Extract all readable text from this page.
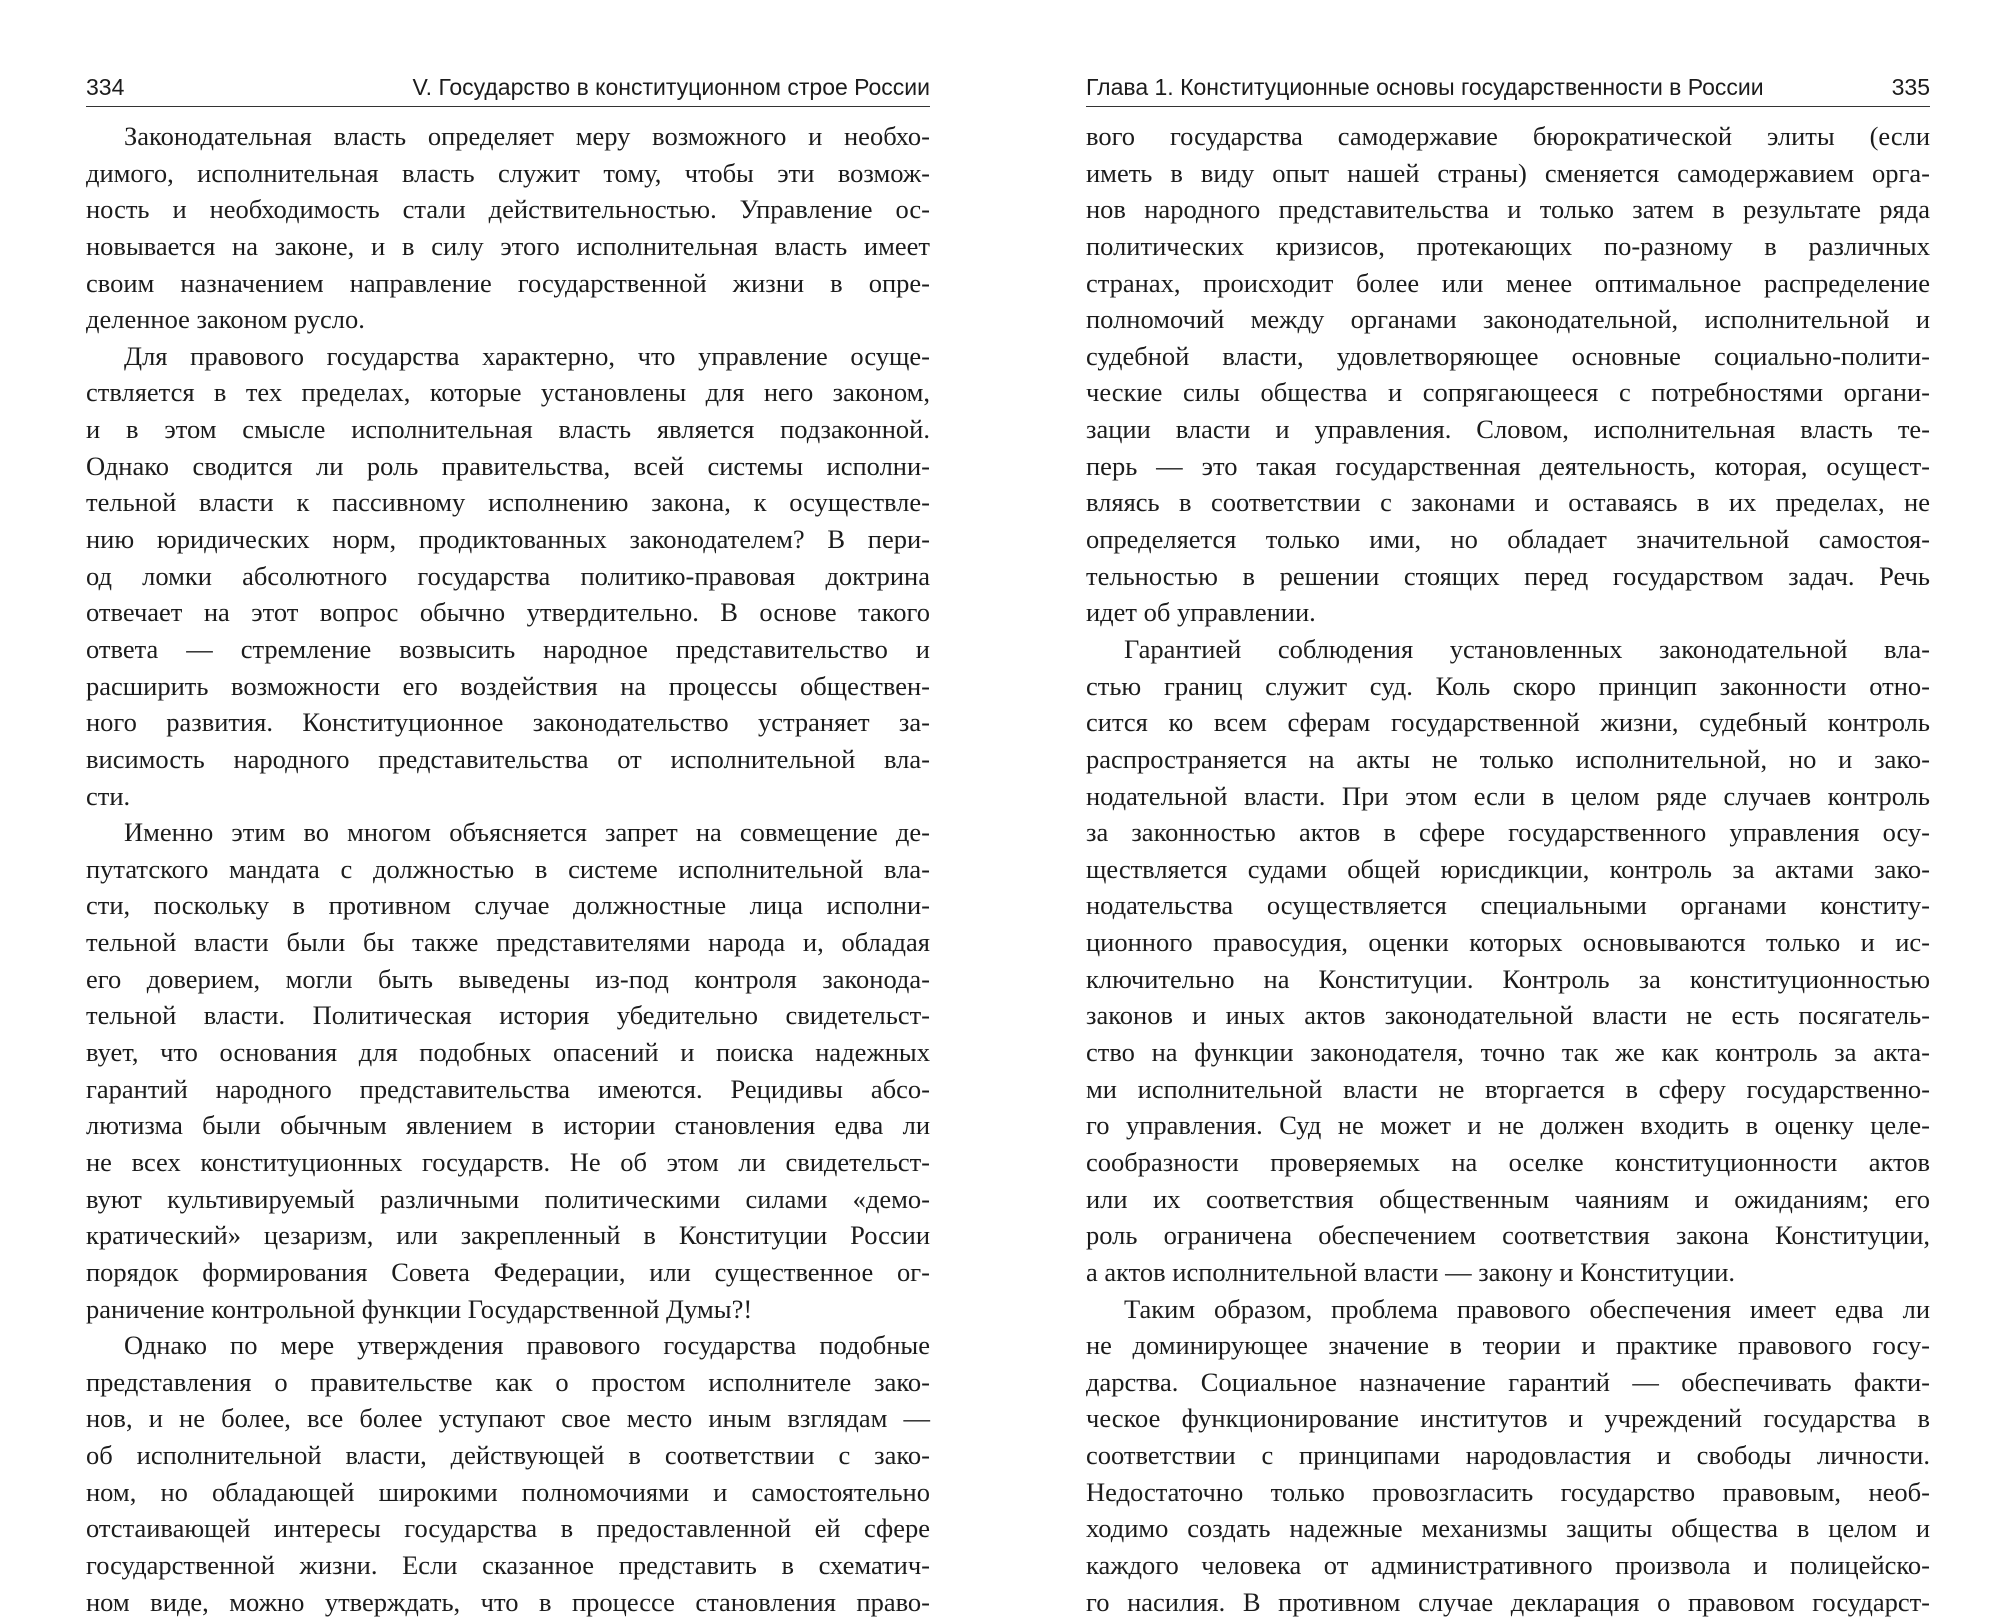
334	V. Государство в конституционном строе России
Законодательная власть определяет меру возможного и необхо-
димого, исполнительная власть служит тому, чтобы эти возмож-
ность и необходимость стали действительностью. Управление ос-
новывается на законе, и в силу этого исполнительная власть имеет
своим назначением направление государственной жизни в опре-
деленное законом русло.
Для правового государства характерно, что управление осуще-
ствляется в тех пределах, которые установлены для него законом,
и в этом смысле исполнительная власть является подзаконной.
Однако сводится ли роль правительства, всей системы исполни-
тельной власти к пассивному исполнению закона, к осуществле-
нию юридических норм, продиктованных законодателем? В пери-
од ломки абсолютного государства политико-правовая доктрина
отвечает на этот вопрос обычно утвердительно. В основе такого
ответа — стремление возвысить народное представительство и
расширить возможности его воздействия на процессы обществен-
ного развития. Конституционное законодательство устраняет за-
висимость народного представительства от исполнительной вла-
сти.
Именно этим во многом объясняется запрет на совмещение де-
путатского мандата с должностью в системе исполнительной вла-
сти, поскольку в противном случае должностные лица исполни-
тельной власти были бы также представителями народа и, обладая
его доверием, могли быть выведены из-под контроля законода-
тельной власти. Политическая история убедительно свидетельст-
вует, что основания для подобных опасений и поиска надежных
гарантий народного представительства имеются. Рецидивы абсо-
лютизма были обычным явлением в истории становления едва ли
не всех конституционных государств. Не об этом ли свидетельст-
вуют культивируемый различными политическими силами «демо-
кратический» цезаризм, или закрепленный в Конституции России
порядок формирования Совета Федерации, или существенное ог-
раничение контрольной функции Государственной Думы?!
Однако по мере утверждения правового государства подобные
представления о правительстве как о простом исполнителе зако-
нов, и не более, все более уступают свое место иным взглядам —
об исполнительной власти, действующей в соответствии с зако-
ном, но обладающей широкими полномочиями и самостоятельно
отстаивающей интересы государства в предоставленной ей сфере
государственной жизни. Если сказанное представить в схематич-
ном виде, можно утверждать, что в процессе становления право-
Глава 1. Конституционные основы государственности в России	335
вого государства самодержавие бюрократической элиты (если
иметь в виду опыт нашей страны) сменяется самодержавием орга-
нов народного представительства и только затем в результате ряда
политических кризисов, протекающих по-разному в различных
странах, происходит более или менее оптимальное распределение
полномочий между органами законодательной, исполнительной и
судебной власти, удовлетворяющее основные социально-полити-
ческие силы общества и сопрягающееся с потребностями органи-
зации власти и управления. Словом, исполнительная власть те-
перь — это такая государственная деятельность, которая, осущест-
вляясь в соответствии с законами и оставаясь в их пределах, не
определяется только ими, но обладает значительной самостоя-
тельностью в решении стоящих перед государством задач. Речь
идет об управлении.
Гарантией соблюдения установленных законодательной вла-
стью границ служит суд. Коль скоро принцип законности отно-
сится ко всем сферам государственной жизни, судебный контроль
распространяется на акты не только исполнительной, но и зако-
нодательной власти. При этом если в целом ряде случаев контроль
за законностью актов в сфере государственного управления осу-
ществляется судами общей юрисдикции, контроль за актами зако-
нодательства осуществляется специальными органами конститу-
ционного правосудия, оценки которых основываются только и ис-
ключительно на Конституции. Контроль за конституционностью
законов и иных актов законодательной власти не есть посягатель-
ство на функции законодателя, точно так же как контроль за акта-
ми исполнительной власти не вторгается в сферу государственно-
го управления. Суд не может и не должен входить в оценку целе-
сообразности проверяемых на оселке конституционности актов
или их соответствия общественным чаяниям и ожиданиям; его
роль ограничена обеспечением соответствия закона Конституции,
а актов исполнительной власти — закону и Конституции.
Таким образом, проблема правового обеспечения имеет едва ли
не доминирующее значение в теории и практике правового госу-
дарства. Социальное назначение гарантий — обеспечивать факти-
ческое функционирование институтов и учреждений государства в
соответствии с принципами народовластия и свободы личности.
Недостаточно только провозгласить государство правовым, необ-
ходимо создать надежные механизмы защиты общества в целом и
каждого человека от административного произвола и полицейско-
го насилия. В противном случае декларация о правовом государст-
